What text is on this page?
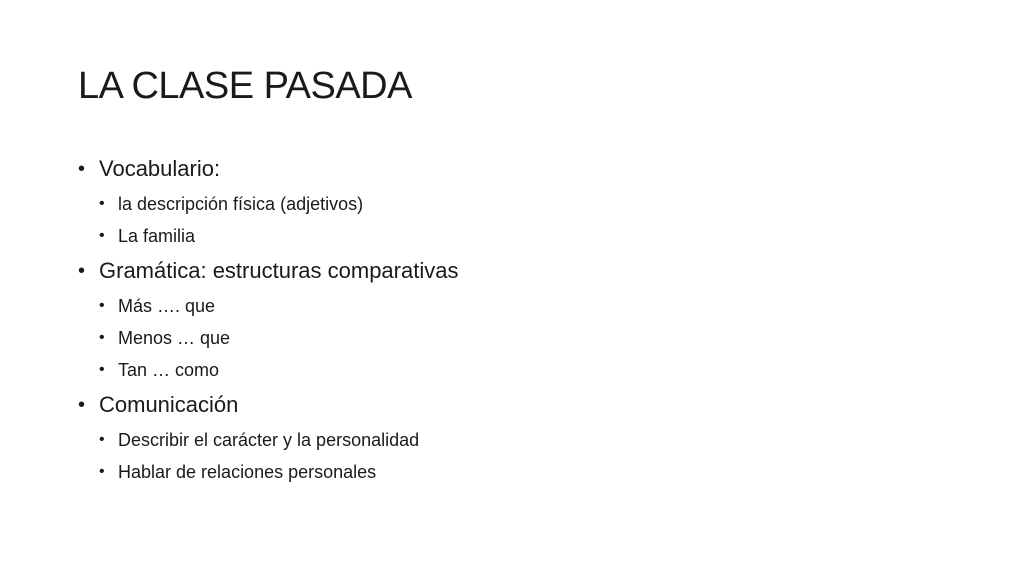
LA CLASE PASADA
• Vocabulario:
• la descripción física (adjetivos)
• La familia
• Gramática: estructuras comparativas
• Más …. que
• Menos … que
• Tan … como
• Comunicación
• Describir el carácter y la personalidad
• Hablar de relaciones personales
